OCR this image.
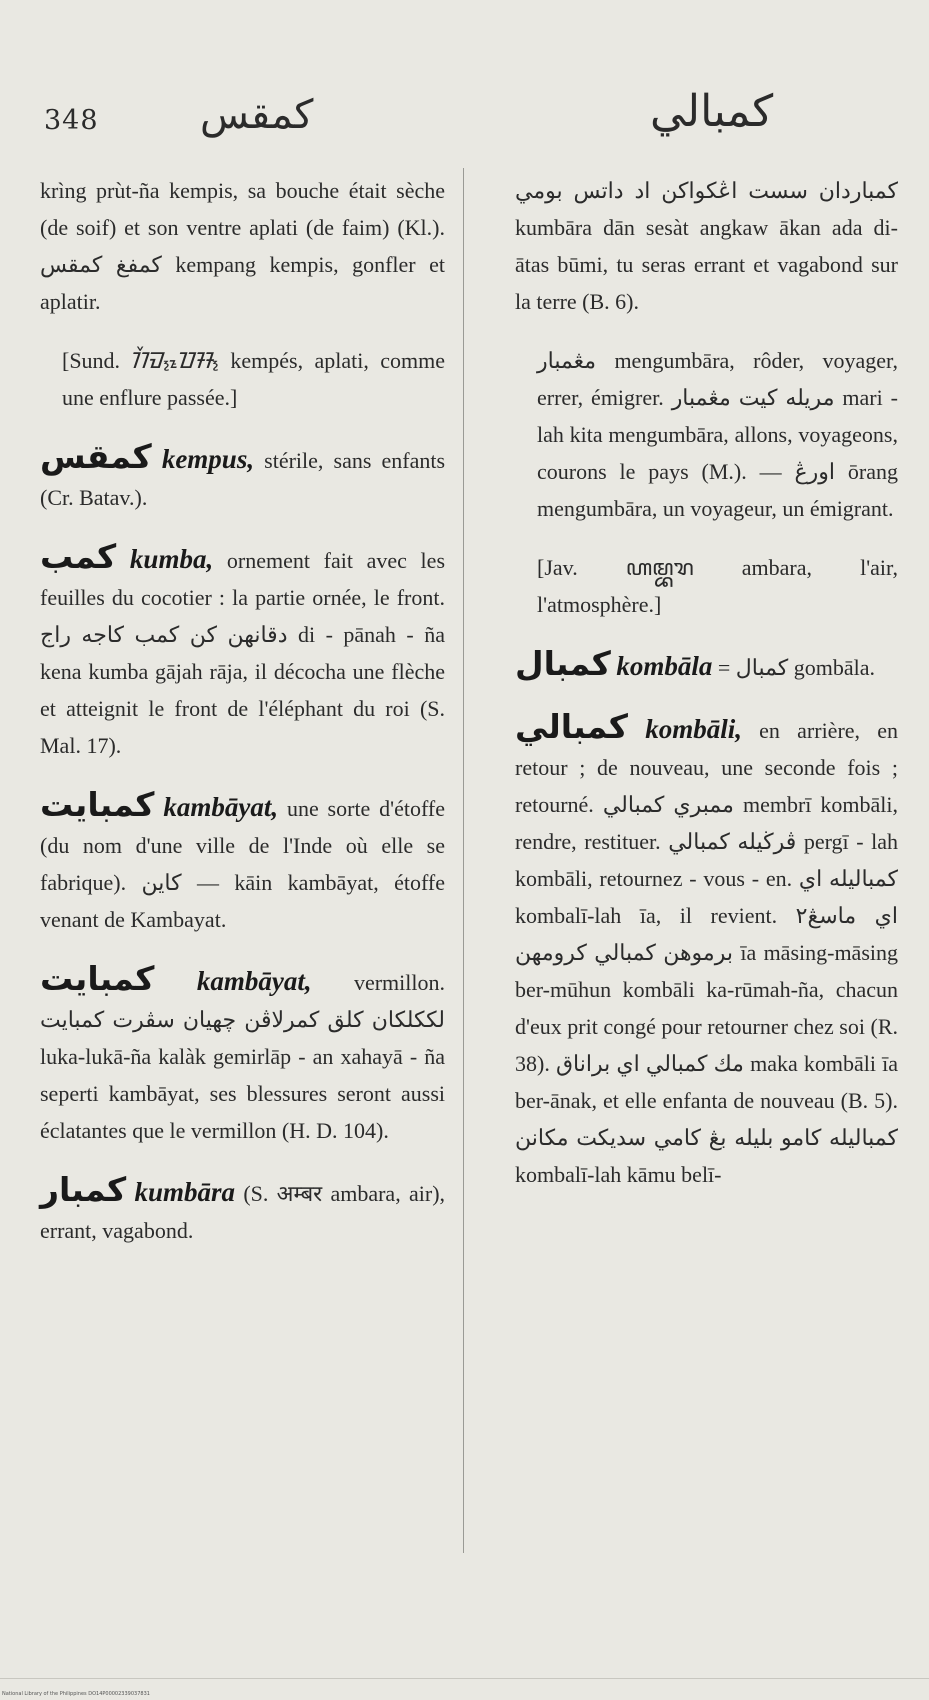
348	كمقس	كمبالي

krìng prùt-ña kempis, sa bouche était sèche (de soif) et son ventre aplati (de faim) (Kl.). كمفغ كمقس kempang kempis, gonfler et aplatir.

[Sund. ᮊᮨᮙ᮪ᮕᮦᮞ᮪ kempés, aplati, comme une enflure passée.]

كمقس kempus, stérile, sans enfants (Cr. Batav.).

كمب kumba, ornement fait avec les feuilles du cocotier : la partie ornée, le front. دقانهن كن كمب كاجه راج di - pānah - ña kena kumba gājah rāja, il décocha une flèche et atteignit le front de l'éléphant du roi (S. Mal. 17).

كمبايت kambāyat, une sorte d'étoffe (du nom d'une ville de l'Inde où elle se fabrique). كاين — kāin kambāyat, étoffe venant de Kambayat.

كمبايت kambāyat, vermillon. لككلكان كلق كمرلاڤن چهيان سڤرت كمبايت luka-lukā-ña kalàk gemirlāp - an xahayā - ña seperti kambāyat, ses blessures seront aussi éclatantes que le vermillon (H. D. 104).

كمبار kumbāra (S. अम्बर ambara, air), errant, vagabond.

كمباردان سست اڠكواكن اد داتس بومي kumbāra dān sesàt angkaw ākan ada di-ātas būmi, tu seras errant et vagabond sur la terre (B. 6).

مڠمبار mengumbāra, rôder, voyager, errer, émigrer. مريله كيت مڠمبار mari - lah kita mengumbāra, allons, voyageons, courons le pays (M.). — اورڠ ōrang mengumbāra, un voyageur, un émigrant.

[Jav. ꦲꦩ꧀ꦧꦫ ambara, l'air, l'atmosphère.]

كمبال kombāla = كمبال gombāla.

كمبالي kombāli, en arrière, en retour ; de nouveau, une seconde fois ; retourné. ممبري كمبالي membrī kombāli, rendre, restituer. ڤرڬيله كمبالي pergī - lah kombāli, retournez - vous - en. كمباليله اي kombalī-lah īa, il revient. اي ماسڠ٢ برموهن كمبالي كرومهن īa māsing-māsing ber-mūhun kombāli ka-rūmah-ña, chacun d'eux prit congé pour retourner chez soi (R. 38). مك كمبالي اي براناق maka kombāli īa ber-ānak, et elle enfanta de nouveau (B. 5). كمباليله كامو بليله بڠ كامي سديكت مكانن kombalī-lah kāmu belī-

National Library of the Philippines DO14P00002339037831
